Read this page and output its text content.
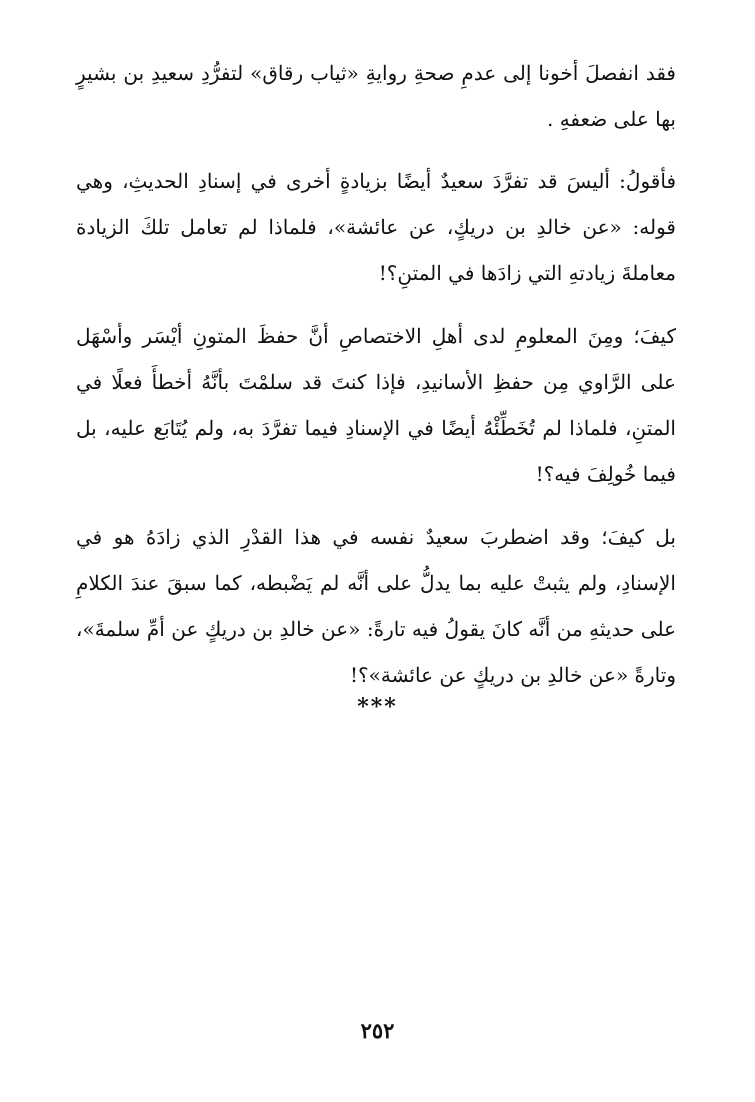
فقد انفصلَ أخونا إلى عدمِ صحةِ روايةِ «ثياب رقاق» لتفرُّدِ سعيدِ بن بشيرٍ بها على ضعفهِ .

فأقولُ: أليسَ قد تفرَّدَ سعيدٌ أيضًا بزيادةٍ أخرى في إسنادِ الحديثِ، وهي قوله: «عن خالدِ بن دريكٍ، عن عائشة»، فلماذا لم تعامل تلكَ الزيادة معاملةَ زيادتهِ التي زادَها في المتنِ؟!

كيفَ؛ ومِنَ المعلومِ لدى أهلِ الاختصاصِ أنَّ حفظَ المتونِ أيْسَر وأسْهَل على الرَّاوي مِن حفظِ الأسانيدِ، فإذا كنتَ قد سلمْتَ بأنَّهُ أخطأَ فعلًا في المتنِ، فلماذا لم تُخَطِّئْهُ أيضًا في الإسنادِ فيما تفرَّدَ به، ولم يُتَابَع عليه، بل فيما خُولِفَ فيه؟!

بل كيفَ؛ وقد اضطربَ سعيدٌ نفسه في هذا القدْرِ الذي زادَهُ هو في الإسنادِ، ولم يثبتْ عليه بما يدلُّ على أنَّه لم يَضْبطه، كما سبقَ عندَ الكلامِ على حديثهِ من أنَّه كانَ يقولُ فيه تارةً: «عن خالدِ بن دريكٍ عن أمِّ سلمةَ»، وتارةً «عن خالدِ بن دريكٍ عن عائشة»؟!

***
٢٥٢
